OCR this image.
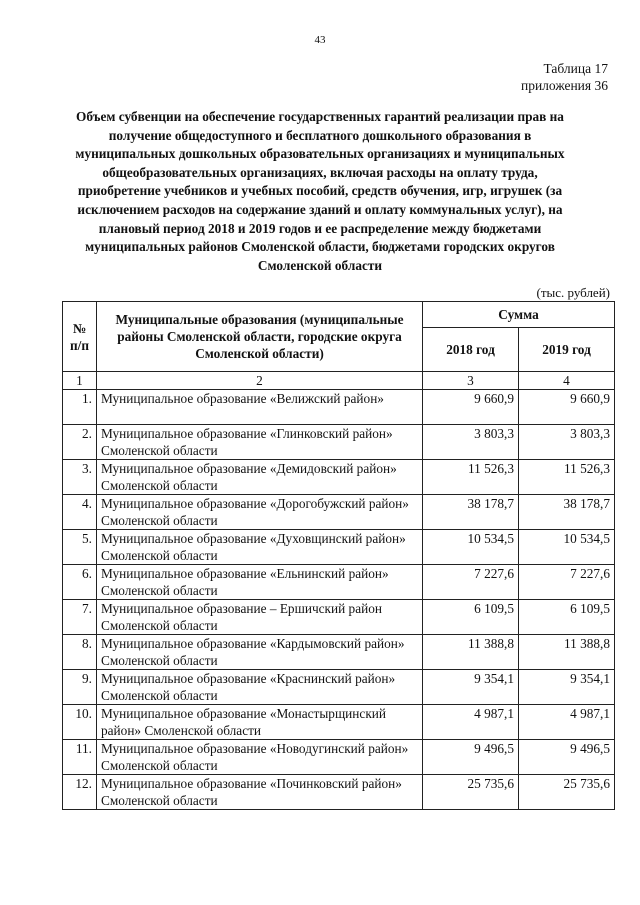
43
Таблица 17
приложения 36
Объем субвенции на обеспечение государственных гарантий реализации прав на получение общедоступного и бесплатного дошкольного образования в муниципальных дошкольных образовательных организациях и муниципальных общеобразовательных организациях, включая расходы на оплату труда, приобретение учебников и учебных пособий, средств обучения, игр, игрушек (за исключением расходов на содержание зданий и оплату коммунальных услуг), на плановый период 2018 и 2019 годов и ее распределение между бюджетами муниципальных районов Смоленской области, бюджетами городских округов Смоленской области
(тыс. рублей)
№ п/п	Муниципальные образования (муниципальные районы Смоленской области, городские округа Смоленской области)	Сумма	
		2018 год	2019 год
1	2	3	4
1.	Муниципальное образование «Велижский район»	9 660,9	9 660,9
2.	Муниципальное образование «Глинковский район» Смоленской области	3 803,3	3 803,3
3.	Муниципальное образование «Демидовский район» Смоленской области	11 526,3	11 526,3
4.	Муниципальное образование «Дорогобужский район» Смоленской области	38 178,7	38 178,7
5.	Муниципальное образование «Духовщинский район» Смоленской области	10 534,5	10 534,5
6.	Муниципальное образование «Ельнинский район» Смоленской области	7 227,6	7 227,6
7.	Муниципальное образование – Ершичский район Смоленской области	6 109,5	6 109,5
8.	Муниципальное образование «Кардымовский район» Смоленской области	11 388,8	11 388,8
9.	Муниципальное образование «Краснинский район» Смоленской области	9 354,1	9 354,1
10.	Муниципальное образование «Монастырщинский район» Смоленской области	4 987,1	4 987,1
11.	Муниципальное образование «Новодугинский район» Смоленской области	9 496,5	9 496,5
12.	Муниципальное образование «Починковский район» Смоленской области	25 735,6	25 735,6
